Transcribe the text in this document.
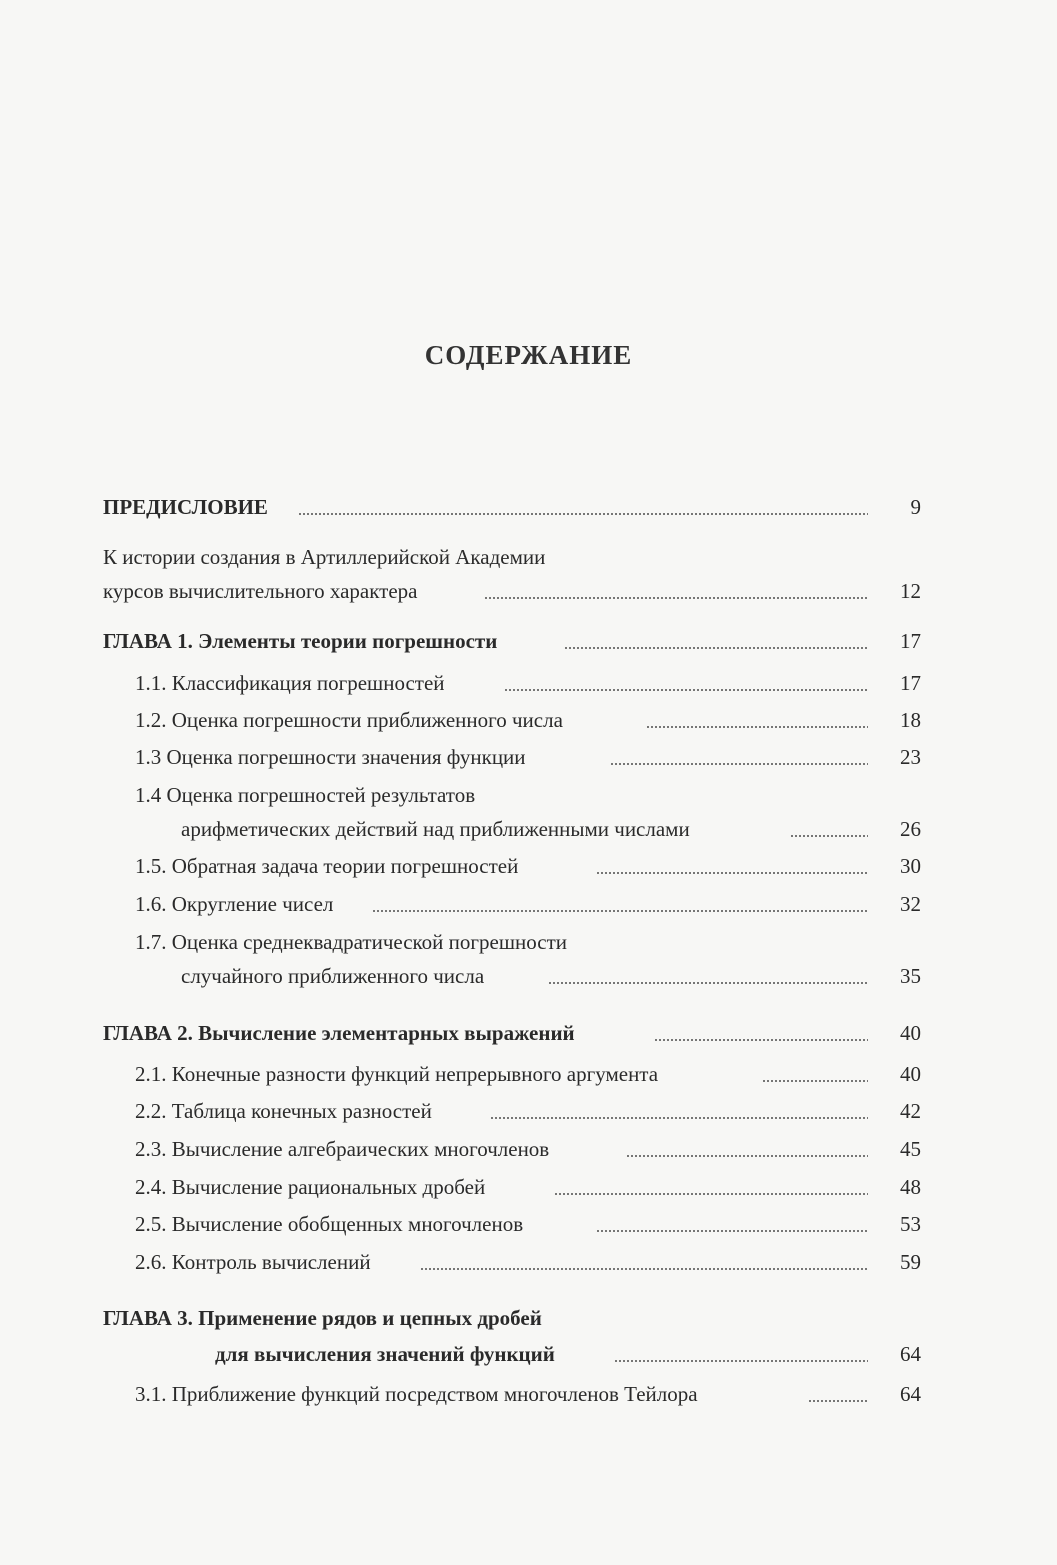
СОДЕРЖАНИЕ
ПРЕДИСЛОВИЕ	9
К истории создания в Артиллерийской Академии
курсов вычислительного характера	12
ГЛАВА 1. Элементы теории погрешности	17
1.1. Классификация погрешностей	17
1.2. Оценка погрешности приближенного числа	18
1.3 Оценка погрешности значения функции	23
1.4 Оценка погрешностей результатов
арифметических действий над приближенными числами	26
1.5. Обратная задача теории погрешностей	30
1.6. Округление чисел	32
1.7. Оценка среднеквадратической погрешности
случайного приближенного числа	35
ГЛАВА 2. Вычисление элементарных выражений	40
2.1. Конечные разности функций непрерывного аргумента	40
2.2. Таблица конечных разностей	42
2.3. Вычисление алгебраических многочленов	45
2.4. Вычисление рациональных дробей	48
2.5. Вычисление обобщенных многочленов	53
2.6. Контроль вычислений	59
ГЛАВА 3. Применение рядов и цепных дробей
для вычисления значений функций	64
3.1. Приближение функций посредством многочленов Тейлора	64
